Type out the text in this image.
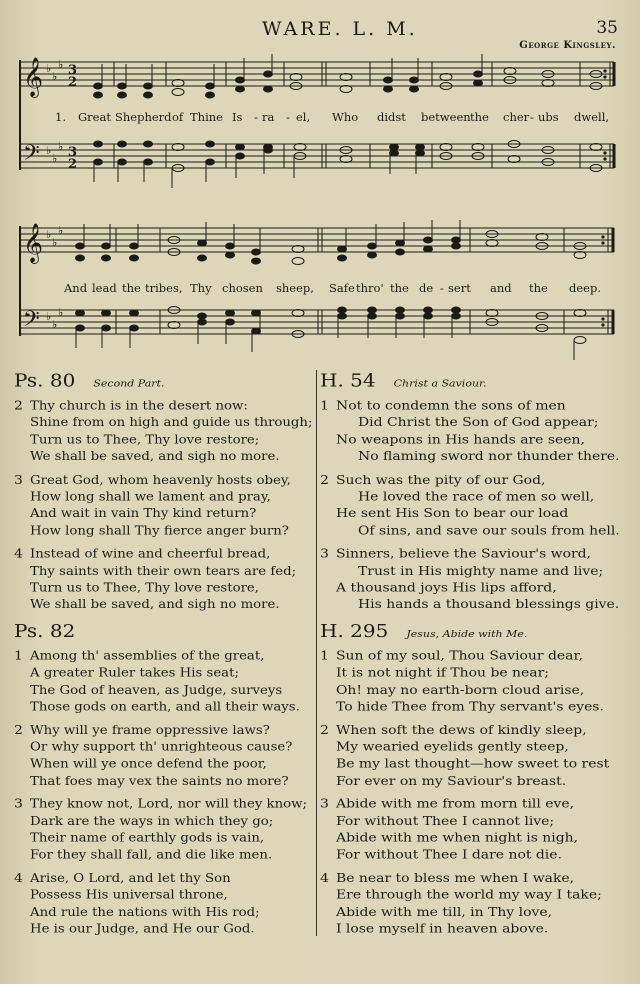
WARE. L. M.	35
George Kingsley.
𝄞
𝄢
♭
♭
♭
♭
♭
♭
3
2
3
2
1. Great Shepherd of Thine Is - ra - el, Who didst between the cher - ubs dwell,
𝄞
𝄢
♭
♭
♭
♭
♭
♭
And lead the tribes, Thy chosen sheep, Safe thro' the de - sert and the deep.
Ps. 80 Second Part.
2 Thy church is in the desert now:
Shine from on high and guide us through;
Turn us to Thee, Thy love restore;
We shall be saved, and sigh no more.
3 Great God, whom heavenly hosts obey,
How long shall we lament and pray,
And wait in vain Thy kind return?
How long shall Thy fierce anger burn?
4 Instead of wine and cheerful bread,
Thy saints with their own tears are fed;
Turn us to Thee, Thy love restore,
We shall be saved, and sigh no more.
Ps. 82
1 Among th' assemblies of the great,
A greater Ruler takes His seat;
The God of heaven, as Judge, surveys
Those gods on earth, and all their ways.
2 Why will ye frame oppressive laws?
Or why support th' unrighteous cause?
When will ye once defend the poor,
That foes may vex the saints no more?
3 They know not, Lord, nor will they know;
Dark are the ways in which they go;
Their name of earthly gods is vain,
For they shall fall, and die like men.
4 Arise, O Lord, and let thy Son
Possess His universal throne,
And rule the nations with His rod;
He is our Judge, and He our God.
H. 54 Christ a Saviour.
1 Not to condemn the sons of men
Did Christ the Son of God appear;
No weapons in His hands are seen,
No flaming sword nor thunder there.
2 Such was the pity of our God,
He loved the race of men so well,
He sent His Son to bear our load
Of sins, and save our souls from hell.
3 Sinners, believe the Saviour's word,
Trust in His mighty name and live;
A thousand joys His lips afford,
His hands a thousand blessings give.
H. 295 Jesus, Abide with Me.
1 Sun of my soul, Thou Saviour dear,
It is not night if Thou be near;
Oh! may no earth-born cloud arise,
To hide Thee from Thy servant's eyes.
2 When soft the dews of kindly sleep,
My wearied eyelids gently steep,
Be my last thought—how sweet to rest
For ever on my Saviour's breast.
3 Abide with me from morn till eve,
For without Thee I cannot live;
Abide with me when night is nigh,
For without Thee I dare not die.
4 Be near to bless me when I wake,
Ere through the world my way I take;
Abide with me till, in Thy love,
I lose myself in heaven above.
